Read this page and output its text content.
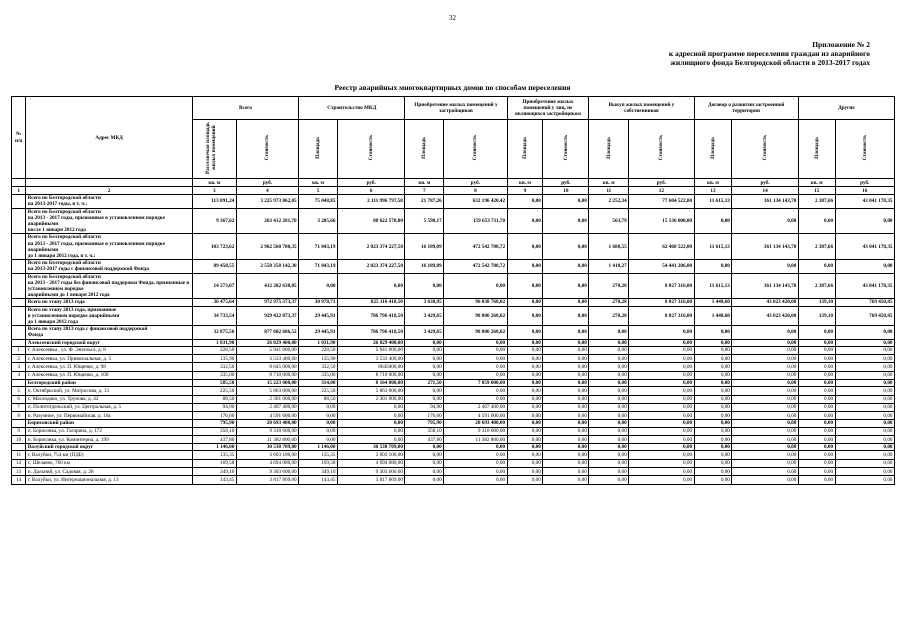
32
Приложение № 2
к адресной программе переселения граждан из аварийного
жилищного фонда Белгородской области в 2013-2017 годах
Реестр аварийных многоквартирных домов по способам переселения
№
п/п	Адрес МКД	Всего		Строительство МКД		Приобретение жилых помещений у застройщиков		Приобретение жилых помещений у лиц, не являющихся застройщиком		Выкуп жилых помещений у собственников		Договор о развитии застроенной территории		Другие	
		Расселяемая площадь жилых помещений	Стоимость	Площадь	Стоимость	Площадь	Стоимость	Площадь	Стоимость	Площадь	Стоимость	Площадь	Стоимость	Площадь	Стоимость
		кв. м	руб.	кв. м	руб.	кв. м	руб.	кв. м	руб.	кв. м	руб.	кв. м	руб.	кв. м	руб.
1	2	3	4	5	6	7	8	9	10	11	12	13	14	15	16
	Всего по Белгородской области
на 2013-2017 годы, в т. ч.:	113 091,24	3 225 973 062,05	75 048,85	2 111 996 797,58	21 787,26	632 196 420,42	0,00	0,00	2 252,34	77 604 522,00	11 615,13	361 134 143,70	2 387,66	43 041 178,35
	Всего по Белгородской области
на 2013 - 2017 годы, признанные в установленном порядке аварийными
после 1 января 2012 года	9 367,62	263 412 281,70	3 205,66	88 622 570,00	5 598,17	159 653 711,70	0,00	0,00	563,79	15 136 000,00	0,00	0,00	0,00	0,00
	Всего по Белгородской области
на 2013 - 2017 годы, признанные в установленном порядке аварийными
до 1 января 2012 года, в т. ч.:	103 723,62	2 962 560 780,35	71 843,19	2 023 374 227,58	16 189,09	472 542 708,72	0,00	0,00	1 688,55	62 468 522,00	11 615,13	361 134 143,70	2 387,66	43 041 178,35
	Всего по Белгородской области
на 2013-2017 годы с финансовой поддержкой Фонда	89 450,55	2 550 358 142,30	71 843,19	2 023 374 227,58	16 189,09	472 542 708,72	0,00	0,00	1 418,27	54 441 206,00	0,00	0,00	0,00	0,00
	Всего по Белгородской области
на 2013 - 2017 годы без финансовой поддержки Фонда, признанные в установленном порядке
аварийными до 1 января 2012 года	14 273,07	412 202 638,05	0,00	0,00	0,00	0,00	0,00	0,00	270,28	8 027 316,00	11 615,13	361 134 143,70	2 387,66	43 041 178,35
	Всего по этапу 2013 года	36 475,64	972 975 373,37	30 978,71	825 116 418,50	3 638,95	96 038 768,02	0,00	0,00	270,28	8 027 316,00	1 448,60	43 023 420,00	139,10	769 450,85
	Всего по этапу 2013 года, признанные
в установленном порядке аварийными
до 1 января 2012 года	34 733,54	929 422 873,37	29 445,91	786 796 418,50	3 429,65	90 806 268,02	0,00	0,00	270,28	8 027 316,00	1 448,60	43 023 420,00	139,10	769 450,85
	Всего по этапу 2013 года с финансовой поддержкой
Фонда	32 875,56	877 602 686,52	29 445,91	786 796 418,50	3 429,65	90 806 268,02	0,00	0,00	0,00	0,00	0,00	0,00	0,00	0,00
	Алексеевский городской округ	1 031,90	26 829 400,00	1 031,90	26 829 400,00	0,00	0,00	0,00	0,00	0,00	0,00	0,00	0,00	0,00	0,00
1	г. Алексеевка , ул. Ф. Энгельса, д. 8	228,50	5 941 000,00	228,50	5 941 000,00	0,00	0,00	0,00	0,00	0,00	0,00	0,00	0,00	0,00	0,00
2	г. Алексеевка, ул. Привокзальная, д. 5	135,90	3 533 400,00	135,90	3 533 400,00	0,00	0,00	0,00	0,00	0,00	0,00	0,00	0,00	0,00	0,00
3	г. Алексеевка, ул. П. Ющенко, д. 98	332,50	8 645 000,00	332,50	8645000,00	0,00	0,00	0,00	0,00	0,00	0,00	0,00	0,00	0,00	0,00
4	г. Алексеевка, ул. П. Ющенко, д. 100	335,00	8 710 000,00	335,00	8 710 000,00	0,00	0,00	0,00	0,00	0,00	0,00	0,00	0,00	0,00	0,00
	Белгородский район	585,50	15 223 000,00	314,00	8 164 000,00	271,50	7 059 000,00	0,00	0,00	0,00	0,00	0,00	0,00	0,00	0,00
5	п. Октябрьский, ул. Матросова, д. 13	225,50	5 863 000,00	225,50	5 863 000,00	0,00	0,00	0,00	0,00	0,00	0,00	0,00	0,00	0,00	0,00
6	с. Маслодово, ул. Трунова, д. 42	88,50	2 301 000,00	88,50	2 301 000,00	0,00	0,00	0,00	0,00	0,00	0,00	0,00	0,00	0,00	0,00
7	п. Политотдельский, ул. Центральная, д. 5	94,90	2 467 400,00	0,00	0,00	94,90	2 467 400,00	0,00	0,00	0,00	0,00	0,00	0,00	0,00	0,00
8	п. Разумное, ул. Первомайская, д. 16а	176,60	4 591 600,00	0,00	0,00	176,60	4 591 600,00	0,00	0,00	0,00	0,00	0,00	0,00	0,00	0,00
	Борисовский район	795,90	20 693 400,00	0,00	0,00	795,90	20 693 400,00	0,00	0,00	0,00	0,00	0,00	0,00	0,00	0,00
9	п. Борисовка, ул. Гагарина, д. 172	358,10	9 310 600,00	0,00	0,00	358,10	9 310 600,00	0,00	0,00	0,00	0,00	0,00	0,00	0,00	0,00
10	п. Борисовка, ул. Коминтерна, д. 199	437,80	11 382 800,00	0,00	0,00	437,80	11 382 800,00	0,00	0,00	0,00	0,00	0,00	0,00	0,00	0,00
	Валуйский городской округ	1 146,00	30 538 709,00	1 146,00	30 538 709,00	0,00	0,00	0,00	0,00	0,00	0,00	0,00	0,00	0,00	0,00
11	г. Валуйки, 754 км (ПДБ)	135,35	3 603 100,00	135,35	3 603 100,00	0,00	0,00	0,00	0,00	0,00	0,00	0,00	0,00	0,00	0,00
12	с. Шелаево, 760 км	169,58	4 694 080,00	169,58	4 694 080,00	0,00	0,00	0,00	0,00	0,00	0,00	0,00	0,00	0,00	0,00
13	п. Дальний, ул. Садовая, д. 28	349,10	9 303 600,00	349,10	9 303 600,00	0,00	0,00	0,00	0,00	0,00	0,00	0,00	0,00	0,00	0,00
14	г. Валуйки, ул. Интернациональная, д. 13	143,45	3 817 869,00	143,45	3 817 869,00	0,00	0,00	0,00	0,00	0,00	0,00	0,00	0,00	0,00	0,00
